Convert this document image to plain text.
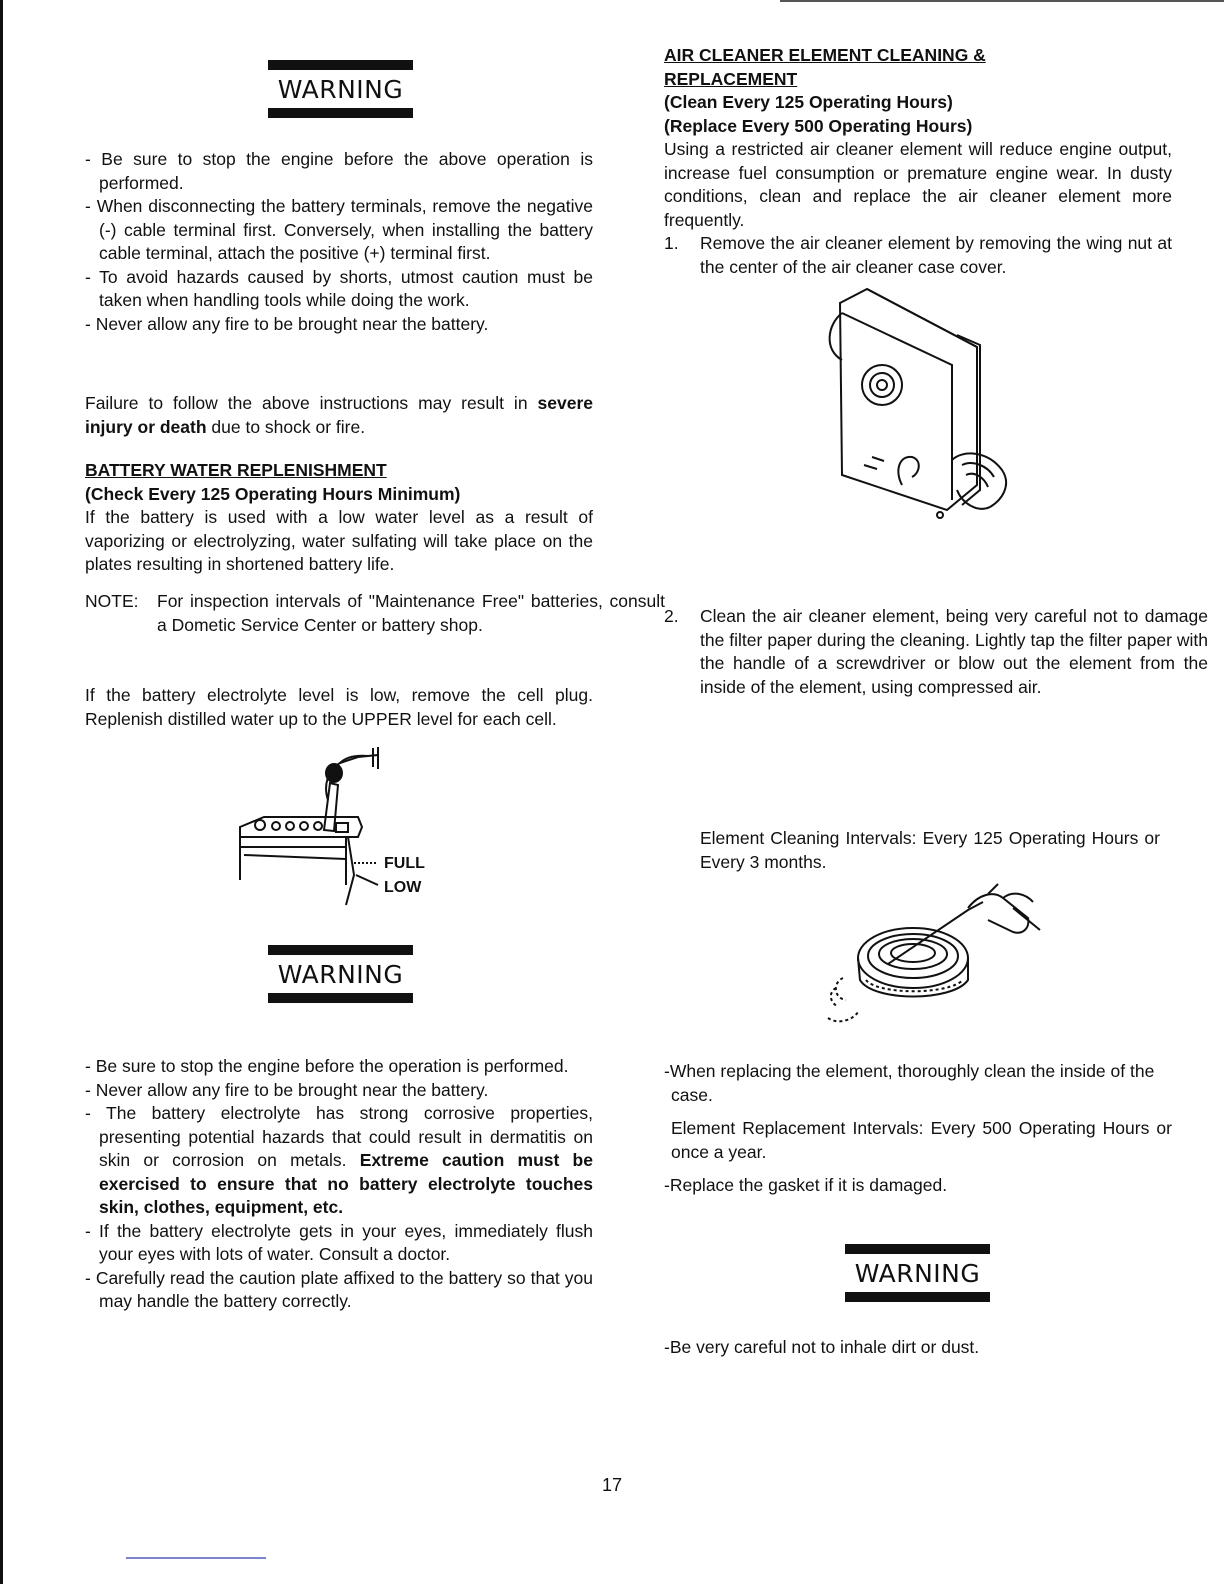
WARNING
- Be sure to stop the engine before the above operation is performed.
- When disconnecting the battery terminals, remove the negative (-) cable terminal first. Conversely, when installing the battery cable terminal, attach the positive (+) terminal first.
- To avoid hazards caused by shorts, utmost caution must be taken when handling tools while doing the work.
- Never allow any fire to be brought near the battery.

Failure to follow the above instructions may result in severe injury or death due to shock or fire.

BATTERY WATER REPLENISHMENT
(Check Every 125 Operating Hours Minimum)

If the battery is used with a low water level as a result of vaporizing or electrolyzing, water sulfating will take place on the plates resulting in shortened battery life.

NOTE: For inspection intervals of "Maintenance Free" batteries, consult a Dometic Service Center or battery shop.

If the battery electrolyte level is low, remove the cell plug. Replenish distilled water up to the UPPER level for each cell.

FULL
LOW
WARNING
- Be sure to stop the engine before the operation is performed.
- Never allow any fire to be brought near the battery.
- The battery electrolyte has strong corrosive properties, presenting potential hazards that could result in dermatitis on skin or corrosion on metals. Extreme caution must be exercised to ensure that no battery electrolyte touches skin, clothes, equipment, etc.
- If the battery electrolyte gets in your eyes, immediately flush your eyes with lots of water. Consult a doctor.
- Carefully read the caution plate affixed to the battery so that you may handle the battery correctly.
AIR CLEANER ELEMENT CLEANING &
REPLACEMENT
(Clean Every 125 Operating Hours)
(Replace Every 500 Operating Hours)

Using a restricted air cleaner element will reduce engine output, increase fuel consumption or premature engine wear. In dusty conditions, clean and replace the air cleaner element more frequently.

1. Remove the air cleaner element by removing the wing nut at the center of the air cleaner case cover.
2. Clean the air cleaner element, being very careful not to damage the filter paper during the cleaning. Lightly tap the filter paper with the handle of a screwdriver or blow out the element from the inside of the element, using compressed air.

Element Cleaning Intervals: Every 125 Operating Hours or Every 3 months.

-When replacing the element, thoroughly clean the inside of the case.

Element Replacement Intervals: Every 500 Operating Hours or once a year.

-Replace the gasket if it is damaged.
WARNING
-Be very careful not to inhale dirt or dust.
17
